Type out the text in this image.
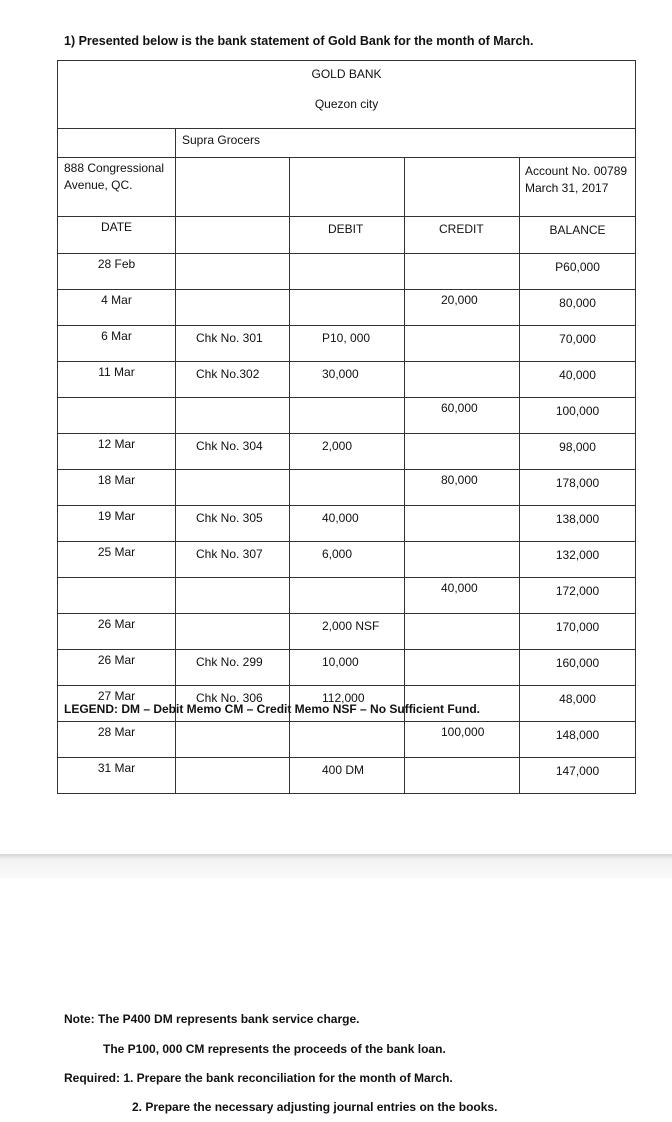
1) Presented below is the bank statement of Gold Bank for the month of March.
GOLD BANK
Quezon city				

	Supra Grocers			

888 Congressional Avenue, QC.				Account No. 00789 March 31, 2017

DATE		DEBIT	CREDIT	BALANCE
28 Feb				P60,000
4 Mar			20,000	80,000
6 Mar	Chk No. 301	P10, 000		70,000
11 Mar	Chk No.302	30,000		40,000
			60,000	100,000
12 Mar	Chk No. 304	2,000		98,000
18 Mar			80,000	178,000
19 Mar	Chk No. 305	40,000		138,000
25 Mar	Chk No. 307	6,000		132,000
			40,000	172,000
26 Mar		2,000 NSF		170,000
26 Mar	Chk No. 299	10,000		160,000
27 Mar	Chk No. 306	112,000		48,000
28 Mar			100,000	148,000
31 Mar		400 DM		147,000
LEGEND: DM – Debit Memo CM – Credit Memo NSF – No Sufficient Fund.
Note: The P400 DM represents bank service charge.
The P100, 000 CM represents the proceeds of the bank loan.
Required: 1. Prepare the bank reconciliation for the month of March.
2. Prepare the necessary adjusting journal entries on the books.
